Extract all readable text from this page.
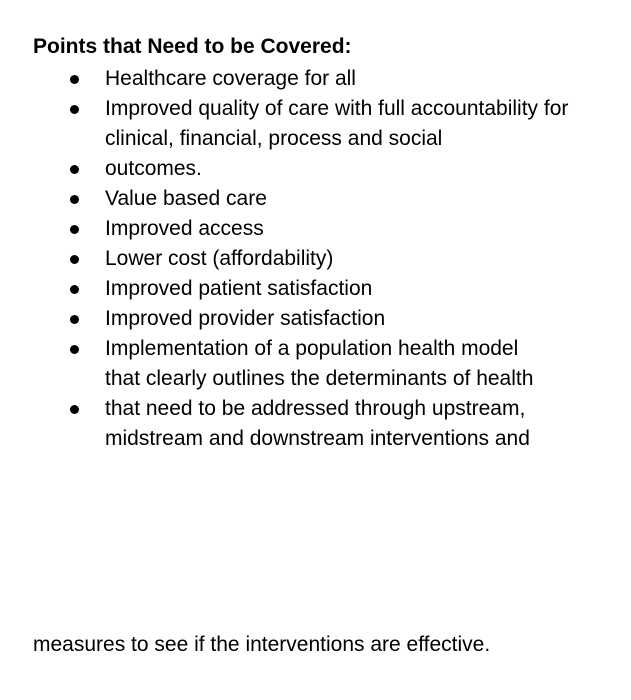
Points that Need to be Covered:
Healthcare coverage for all
Improved quality of care with full accountability for clinical, financial, process and social
outcomes.
Value based care
Improved access
Lower cost (affordability)
Improved patient satisfaction
Improved provider satisfaction
Implementation of a population health model that clearly outlines the determinants of health
that need to be addressed through upstream, midstream and downstream interventions and
measures to see if the interventions are effective.
